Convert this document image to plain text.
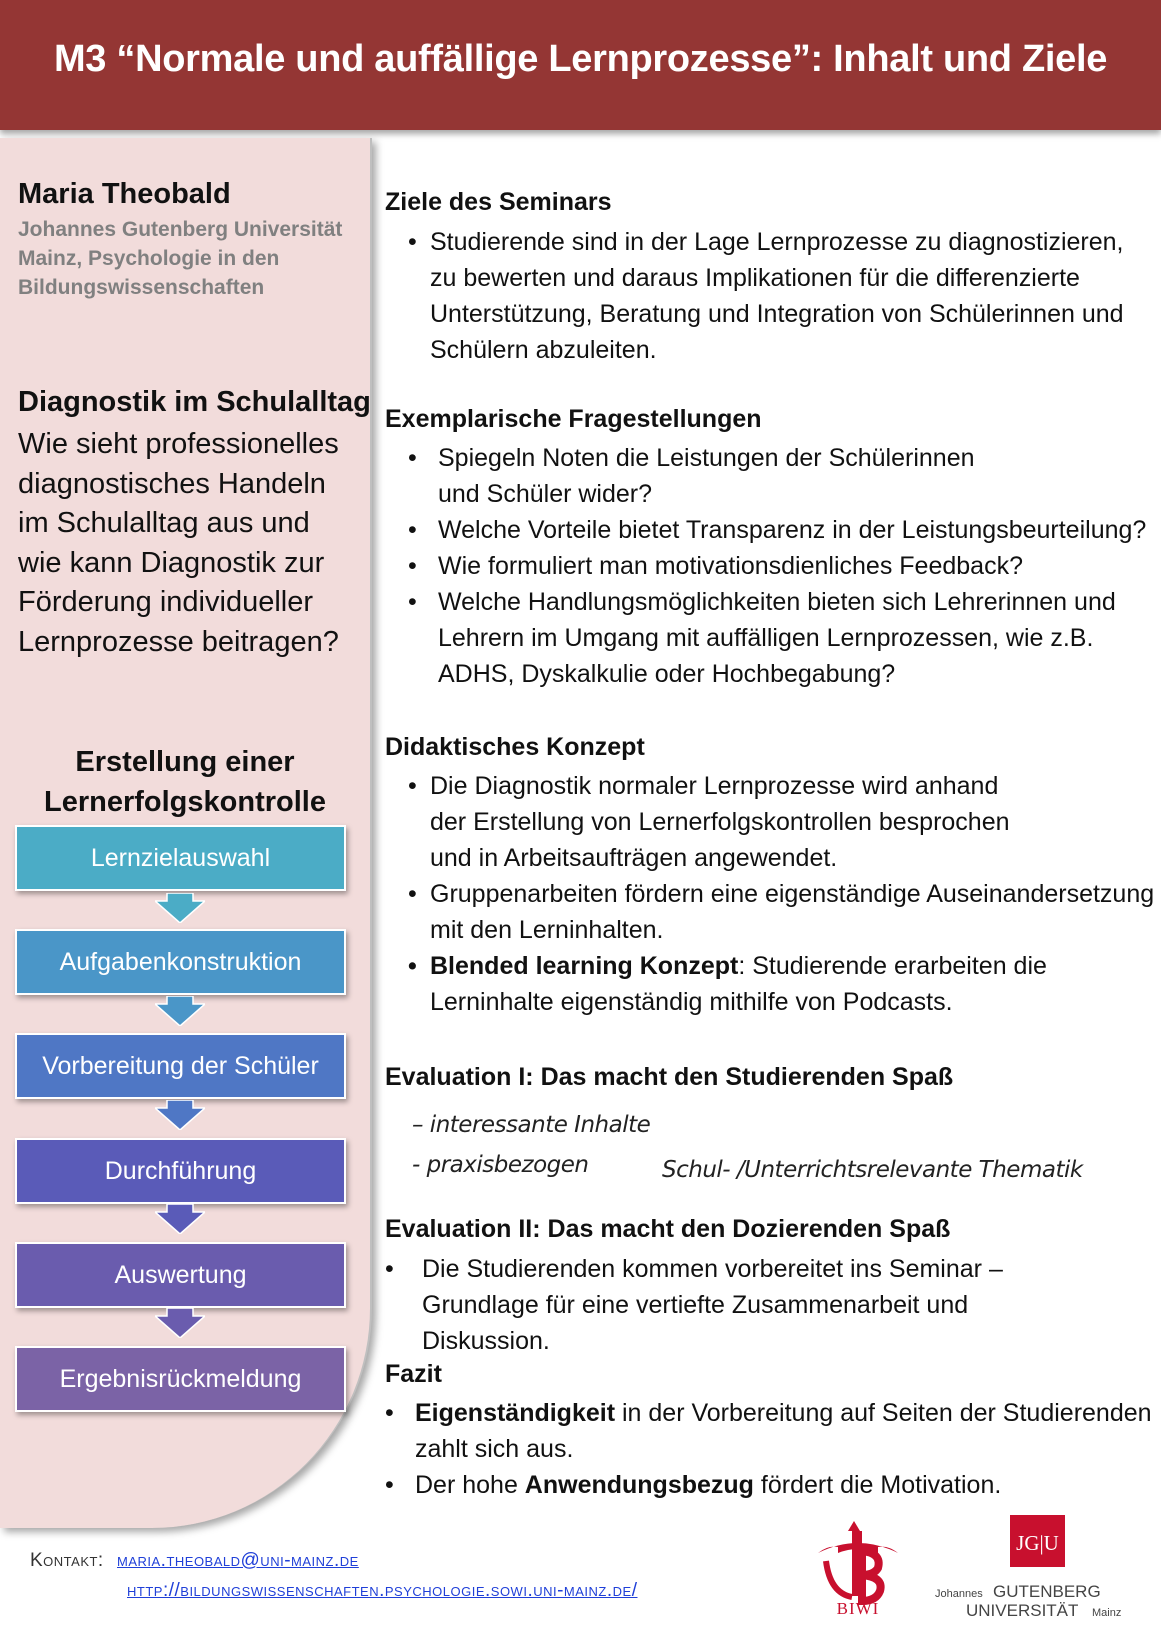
M3 “Normale und auffällige Lernprozesse”: Inhalt und Ziele
Maria Theobald
Johannes Gutenberg Universität Mainz, Psychologie in den Bildungswissenschaften
Diagnostik im Schulalltag
Wie sieht professionelles diagnostisches Handeln im Schulalltag aus und wie kann Diagnostik zur Förderung individueller Lernprozesse beitragen?
Erstellung einer Lernerfolgskontrolle
Lernzielauswahl
Aufgabenkonstruktion
Vorbereitung der Schüler
Durchführung
Auswertung
Ergebnisrückmeldung
Ziele des Seminars
• Studierende sind in der Lage Lernprozesse zu diagnostizieren, zu bewerten und daraus Implikationen für die differenzierte Unterstützung, Beratung und Integration von Schülerinnen und Schülern abzuleiten.
Exemplarische Fragestellungen
• Spiegeln Noten die Leistungen der Schülerinnen und Schüler wider?
• Welche Vorteile bietet Transparenz in der Leistungsbeurteilung?
• Wie formuliert man motivationsdienliches Feedback?
• Welche Handlungsmöglichkeiten bieten sich Lehrerinnen und Lehrern im Umgang mit auffälligen Lernprozessen, wie z.B. ADHS, Dyskalkulie oder Hochbegabung?
Didaktisches Konzept
• Die Diagnostik normaler Lernprozesse wird anhand der Erstellung von Lernerfolgskontrollen besprochen und in Arbeitsaufträgen angewendet.
• Gruppenarbeiten fördern eine eigenständige Auseinandersetzung mit den Lerninhalten.
• Blended learning Konzept: Studierende erarbeiten die Lerninhalte eigenständig mithilfe von Podcasts.
Evaluation I: Das macht den Studierenden Spaß
– interessante Inhalte
- praxisbezogen	Schul- /Unterrichtsrelevante Thematik
Evaluation II: Das macht den Dozierenden Spaß
• Die Studierenden kommen vorbereitet ins Seminar – Grundlage für eine vertiefte Zusammenarbeit und Diskussion.
Fazit
• Eigenständigkeit in der Vorbereitung auf Seiten der Studierenden zahlt sich aus.
• Der hohe Anwendungsbezug fördert die Motivation.
Kontakt: maria.theobald@uni-mainz.de
http://bildungswissenschaften.psychologie.sowi.uni-mainz.de/
BIWI
JG|U
Johannes GUTENBERG
UNIVERSITÄT Mainz
